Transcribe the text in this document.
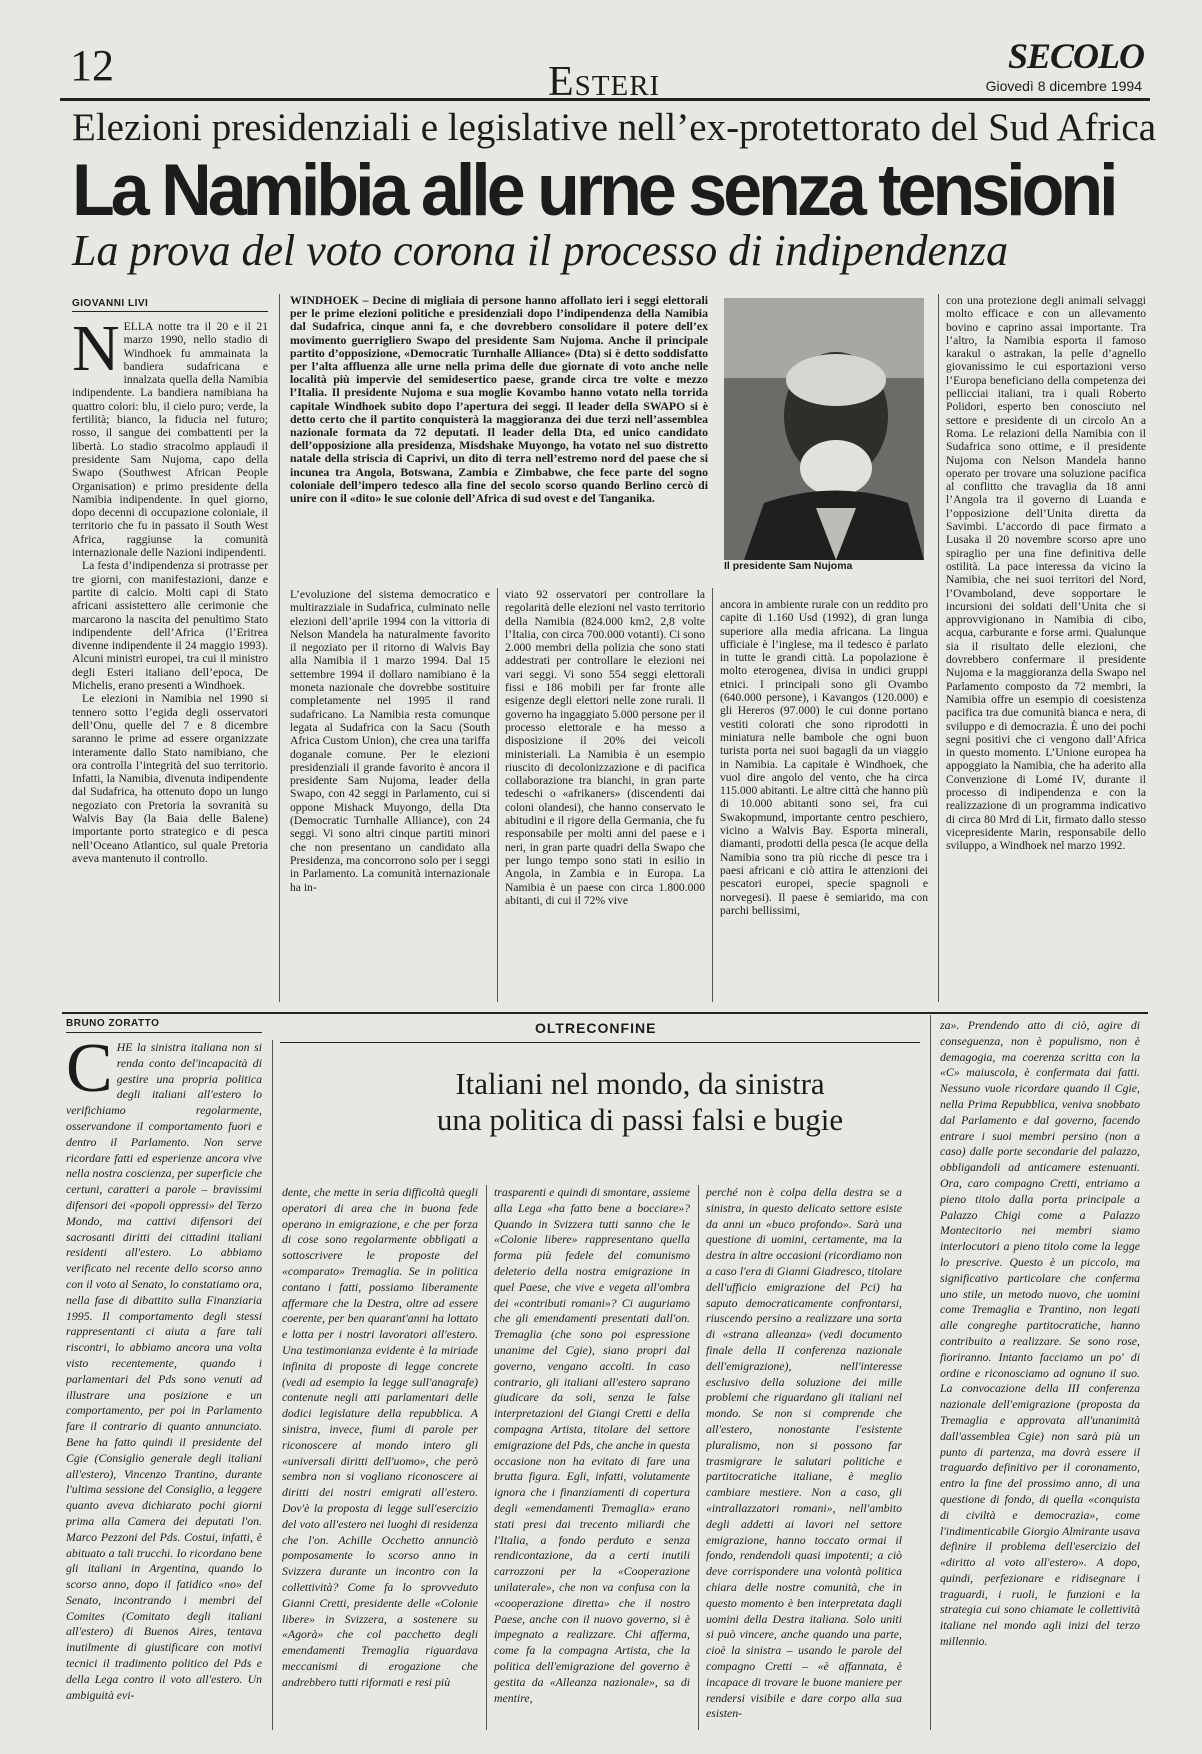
12	Esteri
SECOLO
Giovedì 8 dicembre 1994
Elezioni presidenziali e legislative nell’ex-protettorato del Sud Africa
La Namibia alle urne senza tensioni
La prova del voto corona il processo di indipendenza
GIOVANNI LIVI
N ELLA notte tra il 20 e il 21 marzo 1990, nello stadio di Windhoek fu ammainata la bandiera sudafricana e innalzata quella della Namibia indipendente. La bandiera namibiana ha quattro colori: blu, il cielo puro; verde, la fertilità; bianco, la fiducia nel futuro; rosso, il sangue dei combattenti per la libertà. Lo stadio stracolmo applaudì il presidente Sam Nujoma, capo della Swapo (Southwest African People Organisation) e primo presidente della Namibia indipendente. In quel giorno, dopo decenni di occupazione coloniale, il territorio che fu in passato il South West Africa, raggiunse la comunità internazionale delle Nazioni indipendenti.

La festa d’indipendenza si protrasse per tre giorni, con manifestazioni, danze e partite di calcio. Molti capi di Stato africani assistettero alle cerimonie che marcarono la nascita del penultimo Stato indipendente dell’Africa (l’Eritrea divenne indipendente il 24 maggio 1993). Alcuni ministri europei, tra cui il ministro degli Esteri italiano dell’epoca, De Michelis, erano presenti a Windhoek.

Le elezioni in Namibia nel 1990 si tennero sotto l’egida degli osservatori dell’Onu, quelle del 7 e 8 dicembre saranno le prime ad essere organizzate interamente dallo Stato namibiano, che ora controlla l’integrità del suo territorio. Infatti, la Namibia, divenuta indipendente dal Sudafrica, ha ottenuto dopo un lungo negoziato con Pretoria la sovranità su Walvis Bay (la Baia delle Balene) importante porto strategico e di pesca nell’Oceano Atlantico, sul quale Pretoria aveva mantenuto il controllo.

WINDHOEK – Decine di migliaia di persone hanno affollato ieri i seggi elettorali per le prime elezioni politiche e presidenziali dopo l’indipendenza della Namibia dal Sudafrica, cinque anni fa, e che dovrebbero consolidare il potere dell’ex movimento guerrigliero Swapo del presidente Sam Nujoma. Anche il principale partito d’opposizione, «Democratic Turnhalle Alliance» (Dta) si è detto soddisfatto per l’alta affluenza alle urne nella prima delle due giornate di voto anche nelle località più impervie del semidesertico paese, grande circa tre volte e mezzo l’Italia. Il presidente Nujoma e sua moglie Kovambo hanno votato nella torrida capitale Windhoek subito dopo l’apertura dei seggi. Il leader della SWAPO si è detto certo che il partito conquisterà la maggioranza dei due terzi nell’assemblea nazionale formata da 72 deputati. Il leader della Dta, ed unico candidato dell’opposizione alla presidenza, Misdshake Muyongo, ha votato nel suo distretto natale della striscia di Caprivi, un dito di terra nell’estremo nord del paese che si incunea tra Angola, Botswana, Zambia e Zimbabwe, che fece parte del sogno coloniale dell’impero tedesco alla fine del secolo scorso quando Berlino cercò di unire con il «dito» le sue colonie dell’Africa di sud ovest e del Tanganika.
Il presidente Sam Nujoma
con una protezione degli animali selvaggi molto efficace e con un allevamento bovino e caprino assai importante. Tra l’altro, la Namibia esporta il famoso karakul o astrakan, la pelle d’agnello giovanissimo le cui esportazioni verso l’Europa beneficiano della competenza dei pellicciai italiani, tra i quali Roberto Polidori, esperto ben conosciuto nel settore e presidente di un circolo An a Roma. Le relazioni della Namibia con il Sudafrica sono ottime, e il presidente Nujoma con Nelson Mandela hanno operato per trovare una soluzione pacifica al conflitto che travaglia da 18 anni l’Angola tra il governo di Luanda e l’opposizione dell’Unita diretta da Savimbi. L’accordo di pace firmato a Lusaka il 20 novembre scorso apre uno spiraglio per una fine definitiva delle ostilità. La pace interessa da vicino la Namibia, che nei suoi territori del Nord, l’Ovamboland, deve sopportare le incursioni dei soldati dell’Unita che si approvvigionano in Namibia di cibo, acqua, carburante e forse armi. Qualunque sia il risultato delle elezioni, che dovrebbero confermare il presidente Nujoma e la maggioranza della Swapo nel Parlamento composto da 72 membri, la Namibia offre un esempio di coesistenza pacifica tra due comunità bianca e nera, di sviluppo e di democrazia. È uno dei pochi segni positivi che ci vengono dall’Africa in questo momento. L’Unione europea ha appoggiato la Namibia, che ha aderito alla Convenzione di Lomé IV, durante il processo di indipendenza e con la realizzazione di un programma indicativo di circa 80 Mrd di Lit, firmato dallo stesso vicepresidente Marin, responsabile dello sviluppo, a Windhoek nel marzo 1992.
L’evoluzione del sistema democratico e multirazziale in Sudafrica, culminato nelle elezioni dell’aprile 1994 con la vittoria di Nelson Mandela ha naturalmente favorito il negoziato per il ritorno di Walvis Bay alla Namibia il 1 marzo 1994. Dal 15 settembre 1994 il dollaro namibiano è la moneta nazionale che dovrebbe sostituire completamente nel 1995 il rand sudafricano. La Namibia resta comunque legata al Sudafrica con la Sacu (South Africa Custom Union), che crea una tariffa doganale comune. Per le elezioni presidenziali il grande favorito è ancora il presidente Sam Nujoma, leader della Swapo, con 42 seggi in Parlamento, cui si oppone Mishack Muyongo, della Dta (Democratic Turnhalle Alliance), con 24 seggi. Vi sono altri cinque partiti minori che non presentano un candidato alla Presidenza, ma concorrono solo per i seggi in Parlamento. La comunità internazionale ha in-
viato 92 osservatori per controllare la regolarità delle elezioni nel vasto territorio della Namibia (824.000 km2, 2,8 volte l’Italia, con circa 700.000 votanti). Ci sono 2.000 membri della polizia che sono stati addestrati per controllare le elezioni nei vari seggi. Vi sono 554 seggi elettorali fissi e 186 mobili per far fronte alle esigenze degli elettori nelle zone rurali. Il governo ha ingaggiato 5.000 persone per il processo elettorale e ha messo a disposizione il 20% dei veicoli ministeriali. La Namibia è un esempio riuscito di decolonizzazione e di pacifica collaborazione tra bianchi, in gran parte tedeschi o «afrikaners» (discendenti dai coloni olandesi), che hanno conservato le abitudini e il rigore della Germania, che fu responsabile per molti anni del paese e i neri, in gran parte quadri della Swapo che per lungo tempo sono stati in esilio in Angola, in Zambia e in Europa. La Namibia è un paese con circa 1.800.000 abitanti, di cui il 72% vive
ancora in ambiente rurale con un reddito pro capite di 1.160 Usd (1992), di gran lunga superiore alla media africana. La lingua ufficiale è l’inglese, ma il tedesco è parlato in tutte le grandi città. La popolazione è molto eterogenea, divisa in undici gruppi etnici. I principali sono gli Ovambo (640.000 persone), i Kavangos (120.000) e gli Hereros (97.000) le cui donne portano vestiti colorati che sono riprodotti in miniatura nelle bambole che ogni buon turista porta nei suoi bagagli da un viaggio in Namibia. La capitale è Windhoek, che vuol dire angolo del vento, che ha circa 115.000 abitanti. Le altre città che hanno più di 10.000 abitanti sono sei, fra cui Swakopmund, importante centro peschiero, vicino a Walvis Bay. Esporta minerali, diamanti, prodotti della pesca (le acque della Namibia sono tra più ricche di pesce tra i paesi africani e ciò attira le attenzioni dei pescatori europei, specie spagnoli e norvegesi). Il paese è semiarido, ma con parchi bellissimi,
BRUNO ZORATTO	OLTRECONFINE
Italiani nel mondo, da sinistra
una politica di passi falsi e bugie
C HE la sinistra italiana non si renda conto del'incapacità di gestire una propria politica degli italiani all'estero lo verifichiamo regolarmente, osservandone il comportamento fuori e dentro il Parlamento. Non serve ricordare fatti ed esperienze ancora vive nella nostra coscienza, per superficie che certuni, caratteri a parole – bravissimi difensori dei «popoli oppressi» del Terzo Mondo, ma cattivi difensori dei sacrosanti diritti dei cittadini italiani residenti all'estero. Lo abbiamo verificato nel recente dello scorso anno con il voto al Senato, lo constatiamo ora, nella fase di dibattito sulla Finanziaria 1995. Il comportamento degli stessi rappresentanti ci aiuta a fare tali riscontri, lo abbiamo ancora una volta visto recentemente, quando i parlamentari del Pds sono venuti ad illustrare una posizione e un comportamento, per poi in Parlamento fare il contrario di quanto annunciato. Bene ha fatto quindi il presidente del Cgie (Consiglio generale degli italiani all'estero), Vincenzo Trantino, durante l'ultima sessione del Consiglio, a leggere quanto aveva dichiarato pochi giorni prima alla Camera dei deputati l'on. Marco Pezzoni del Pds. Costui, infatti, è abituato a tali trucchi. Io ricordano bene gli italiani in Argentina, quando lo scorso anno, dopo il fatidico «no» del Senato, incontrando i membri del Comites (Comitato degli italiani all'estero) di Buenos Aires, tentava inutilmente di giustificare con motivi tecnici il tradimento politico del Pds e della Lega contro il voto all'estero. Un ambiguità evi-

dente, che mette in seria difficoltà quegli operatori di area che in buona fede operano in emigrazione, e che per forza di cose sono regolarmente obbligati a sottoscrivere le proposte del «comparato» Tremaglia. Se in politica contano i fatti, possiamo liberamente affermare che la Destra, oltre ad essere coerente, per ben quarant'anni ha lottato e lotta per i nostri lavoratori all'estero. Una testimonianza evidente è la miriade infinita di proposte di legge concrete (vedi ad esempio la legge sull'anagrafe) contenute negli atti parlamentari delle dodici legislature della repubblica. A sinistra, invece, fiumi di parole per riconoscere al mondo intero gli «universali diritti dell'uomo», che però sembra non si vogliano riconoscere ai diritti dei nostri emigrati all'estero. Dov'è la proposta di legge sull'esercizio del voto all'estero nei luoghi di residenza che l'on. Achille Occhetto annunciò pomposamente lo scorso anno in Svizzera durante un incontro con la collettività? Come fa lo sprovveduto Gianni Cretti, presidente delle «Colonie libere» in Svizzera, a sostenere su «Agorà» che col pacchetto degli emendamenti Tremaglia riguardava meccanismi di erogazione che andrebbero tutti riformati e resi più
trasparenti e quindi di smontare, assieme alla Lega «ha fatto bene a bocciare»? Quando in Svizzera tutti sanno che le «Colonie libere» rappresentano quella forma più fedele del comunismo deleterio della nostra emigrazione in quel Paese, che vive e vegeta all'ombra dei «contributi romani»? Ci auguriamo che gli emendamenti presentati dall'on. Tremaglia (che sono poi espressione unanime del Cgie), siano propri dal governo, vengano accolti. In caso contrario, gli italiani all'estero saprano giudicare da soli, senza le false interpretazioni del Giangi Cretti e della compagna Artista, titolare del settore emigrazione del Pds, che anche in questa occasione non ha evitato di fare una brutta figura. Egli, infatti, volutamente ignora che i finanziamenti di copertura degli «emendamenti Tremaglia» erano stati presi dai trecento miliardi che l'Italia, a fondo perduto e senza rendicontazione, da a certi inutili carrozzoni per la «Cooperazione unilaterale», che non va confusa con la «cooperazione diretta» che il nostro Paese, anche con il nuovo governo, si è impegnato a realizzare. Chi afferma, come fa la compagna Artista, che la politica dell'emigrazione del governo è gestita da «Alleanza nazionale», sa di mentire,
perché non è colpa della destra se a sinistra, in questo delicato settore esiste da anni un «buco profondo». Sarà una questione di uomini, certamente, ma la destra in altre occasioni (ricordiamo non a caso l'era di Gianni Giadresco, titolare dell'ufficio emigrazione del Pci) ha saputo democraticamente confrontarsi, riuscendo persino a realizzare una sorta di «strana alleanza» (vedi documento finale della II conferenza nazionale dell'emigrazione), nell'interesse esclusivo della soluzione dei mille problemi che riguardano gli italiani nel mondo. Se non si comprende che all'estero, nonostante l'esistente pluralismo, non si possono far trasmigrare le salutari politiche e partitocratiche italiane, è meglio cambiare mestiere. Non a caso, gli «intrallazzatori romani», nell'ambito degli addetti ai lavori nel settore emigrazione, hanno toccato ormai il fondo, rendendoli quasi impotenti; a ciò deve corrispondere una volontà politica chiara delle nostre comunità, che in questo momento è ben interpretata dagli uomini della Destra italiana. Solo uniti si può vincere, anche quando una parte, cioè la sinistra – usando le parole del compagno Cretti – «è affannata, è incapace di trovare le buone maniere per rendersi visibile e dare corpo alla sua esisten-
za». Prendendo atto di ciò, agire di conseguenza, non è populismo, non è demagogia, ma coerenza scritta con la «C» maiuscola, è confermata dai fatti. Nessuno vuole ricordare quando il Cgie, nella Prima Repubblica, veniva snobbato dal Parlamento e dal governo, facendo entrare i suoi membri persino (non a caso) dalle porte secondarie del palazzo, obbligandoli ad anticamere estenuanti. Ora, caro compagno Cretti, entriamo a pieno titolo dalla porta principale a Palazzo Chigi come a Palazzo Montecitorio nei membri siamo interlocutori a pieno titolo come la legge lo prescrive. Questo è un piccolo, ma significativo particolare che conferma uno stile, un metodo nuovo, che uomini come Tremaglia e Trantino, non legati alle congreghe partitocratiche, hanno contribuito a realizzare. Se sono rose, fioriranno. Intanto facciamo un po' di ordine e riconosciamo ad ognuno il suo. La convocazione della III conferenza nazionale dell'emigrazione (proposta da Tremaglia e approvata all'unanimità dall'assemblea Cgie) non sarà più un punto di partenza, ma dovrà essere il traguardo definitivo per il coronamento, entro la fine del prossimo anno, di una questione di fondo, di quella «conquista di civiltà e democrazia», come l'indimenticabile Giorgio Almirante usava definire il problema dell'esercizio del «diritto al voto all'estero». A dopo, quindi, perfezionare e ridisegnare i traguardi, i ruoli, le funzioni e la strategia cui sono chiamate le collettività italiane nel mondo agli inizi del terzo millennio.
